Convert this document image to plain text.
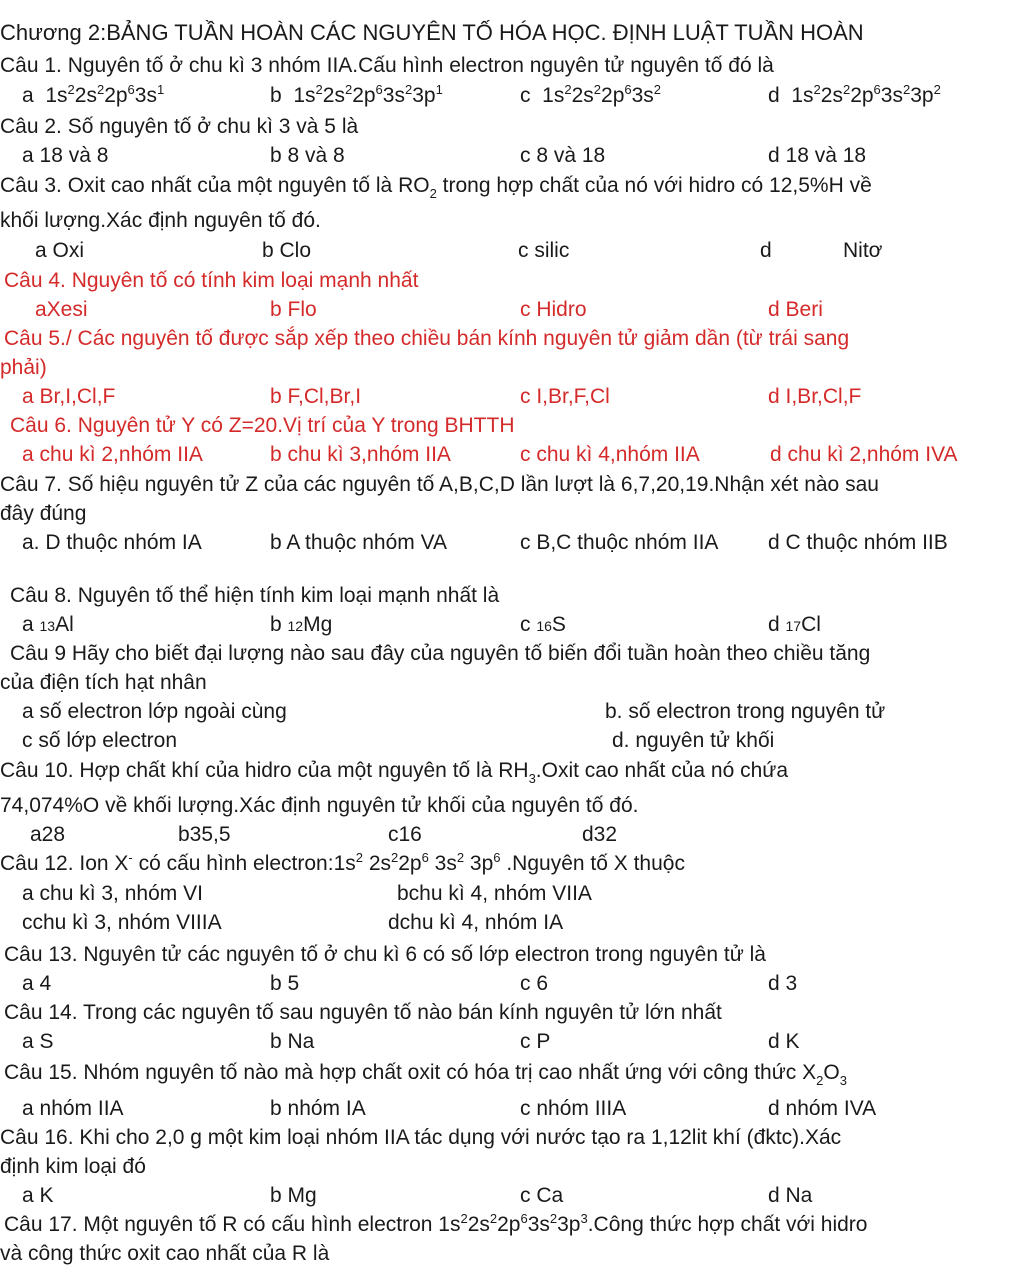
Chương 2:BẢNG TUẦN HOÀN CÁC NGUYÊN TỐ HÓA HỌC. ĐỊNH LUẬT TUẦN HOÀN
Câu 1. Nguyên tố ở chu kì 3 nhóm IIA.Cấu hình electron nguyên tử nguyên tố đó là
a  $1s^22s^22p^63s^1$	b  $1s^22s^22p^63s^23p^1$	c  $1s^22s^22p^63s^2$	d  $1s^22s^22p^63s^23p^2$
Câu 2. Số nguyên tố ở chu kì 3 và 5 là
a 18 và 8	b 8 và 8	c 8 và 18	d 18 và 18
Câu 3. Oxit cao nhất của một nguyên tố là $RO_2$ trong hợp chất của nó với hidro có 12,5%H về
khối lượng.Xác định nguyên tố đó.
a Oxi	b Clo	c silic	d	Nitơ
Câu 4. Nguyên tố có tính kim loại mạnh nhất
aXesi	b Flo	c Hidro	d Beri
Câu 5./ Các nguyên tố được sắp xếp theo chiều bán kính nguyên tử giảm dần (từ trái sang
phải)
a Br,I,Cl,F	b F,Cl,Br,I	c I,Br,F,Cl	d I,Br,Cl,F
Câu 6. Nguyên tử Y có Z=20.Vị trí của Y trong BHTTH
a chu kì 2,nhóm IIA	b chu kì 3,nhóm IIA	c chu kì 4,nhóm IIA	d chu kì 2,nhóm IVA
Câu 7. Số hiệu nguyên tử Z của các nguyên tố A,B,C,D lần lượt là 6,7,20,19.Nhận xét nào sau
đây đúng
a. D thuộc nhóm IA	b A thuộc nhóm VA	c B,C thuộc nhóm IIA d C thuộc nhóm IIB
Câu 8. Nguyên tố thể hiện tính kim loại mạnh nhất là
a 13Al	b 12Mg	c 16S	d 17Cl
Câu 9 Hãy cho biết đại lượng nào sau đây của nguyên tố biến đổi tuần hoàn theo chiều tăng
của điện tích hạt nhân
a số electron lớp ngoài cùng	b. số electron trong nguyên tử
c số lớp electron	d. nguyên tử khối
Câu 10. Hợp chất khí của hidro của một nguyên tố là $RH_3.Oxit$ cao nhất của nó chứa
74,074%O về khối lượng.Xác định nguyên tử khối của nguyên tố đó.
a28	b35,5	c16	d32
Câu 12. Ion X- có cấu hình $electron:1s^2$ $2s^22p^6$ $3s^2$ $3p^6$ .Nguyên tố X thuộc
a chu kì 3, nhóm VI	bchu kì 4, nhóm VIIA
cchu kì 3, nhóm VIIIA	dchu kì 4, nhóm IA
Câu 13. Nguyên tử các nguyên tố ở chu kì 6 có số lớp electron trong nguyên tử là
a 4	b 5	c 6	d 3
Câu 14. Trong các nguyên tố sau nguyên tố nào bán kính nguyên tử lớn nhất
a S	b Na	c P	d K
Câu 15. Nhóm nguyên tố nào mà hợp chất oxit có hóa trị cao nhất ứng với công thức $X_2O_3$
a nhóm IIA	b nhóm IA	c nhóm IIIA	d nhóm IVA
Câu 16. Khi cho 2,0 g một kim loại nhóm IIA tác dụng với nước tạo ra 1,12lit khí (đktc).Xác
định kim loại đó
a K	b Mg	c Ca	d Na
Câu 17. Một nguyên tố R có cấu hình electron $1s^22s^22p^63s^23p^3.Công$ thức hợp chất với hidro
và công thức oxit cao nhất của R là
